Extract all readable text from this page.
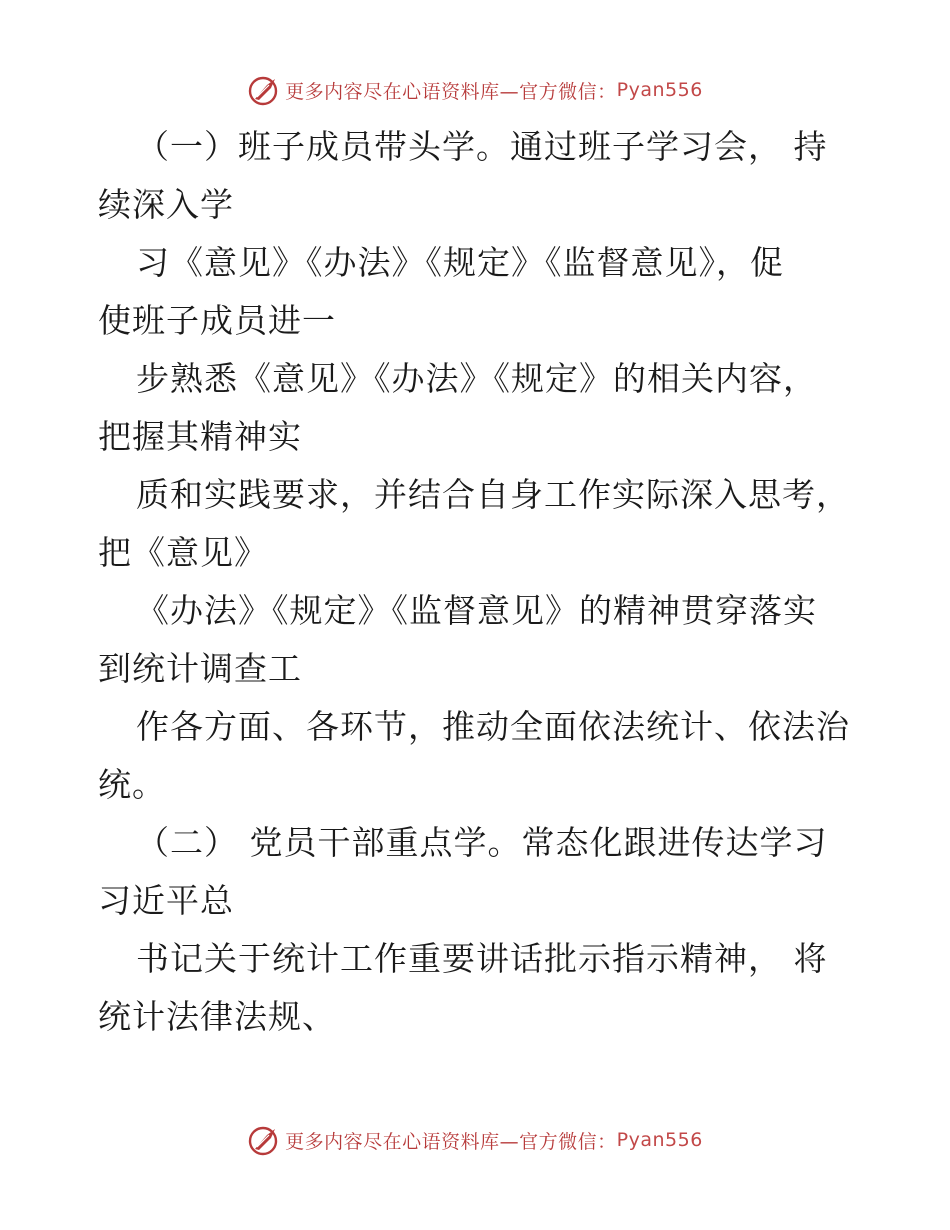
更多内容尽在心语资料库—官方微信： Pyan556
（一）班子成员带头学。通过班子学习会， 持
续深入学
习《意见》《办法》《规定》《监督意见》，促
使班子成员进一
步熟悉《意见》《办法》《规定》的相关内容，
把握其精神实
质和实践要求，并结合自身工作实际深入思考，
把《意见》
《办法》《规定》《监督意见》的精神贯穿落实
到统计调查工
作各方面、各环节，推动全面依法统计、依法治
统。
（二） 党员干部重点学。常态化跟进传达学习
习近平总
书记关于统计工作重要讲话批示指示精神， 将
统计法律法规、
更多内容尽在心语资料库—官方微信： Pyan556
